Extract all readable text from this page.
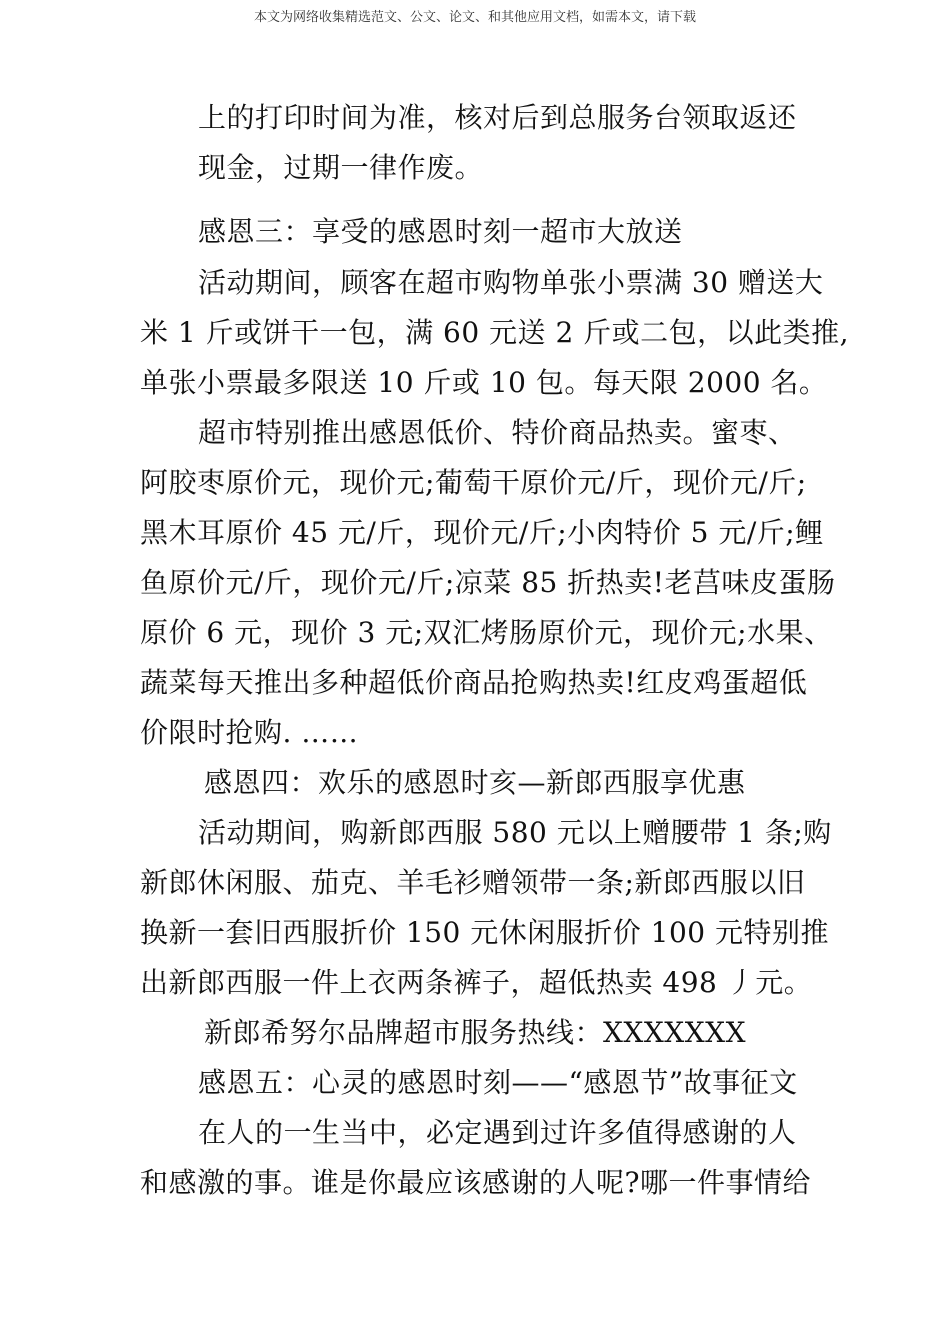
本文为网络收集精选范文、公文、论文、和其他应用文档，如需本文，请下载
上的打印时间为准，核对后到总服务台领取返还
现金，过期一律作废。
感恩三：享受的感恩时刻一超市大放送
活动期间，顾客在超市购物单张小票满 30 赠送大
米 1 斤或饼干一包，满 60 元送 2 斤或二包，以此类推,
单张小票最多限送 10 斤或 10 包。每天限 2000 名。
超市特别推出感恩低价、特价商品热卖。蜜枣、
阿胶枣原价元，现价元;葡萄干原价元/斤，现价元/斤;
黑木耳原价 45 元/斤，现价元/斤;小肉特价 5 元/斤;鲤
鱼原价元/斤，现价元/斤;凉菜 85 折热卖!老莒味皮蛋肠
原价 6 元，现价 3 元;双汇烤肠原价元，现价元;水果、
蔬菜每天推出多种超低价商品抢购热卖!红皮鸡蛋超低
价限时抢购. ……
感恩四：欢乐的感恩时亥—新郎西服享优惠
活动期间，购新郎西服 580 元以上赠腰带 1 条;购
新郎休闲服、茄克、羊毛衫赠领带一条;新郎西服以旧
换新一套旧西服折价 150 元休闲服折价 100 元特别推
出新郎西服一件上衣两条裤子，超低热卖 498 丿元。
新郎希努尔品牌超市服务热线：XXXXXXX
感恩五：心灵的感恩时刻——“感恩节”故事征文
在人的一生当中，必定遇到过许多值得感谢的人
和感激的事。谁是你最应该感谢的人呢?哪一件事情给
